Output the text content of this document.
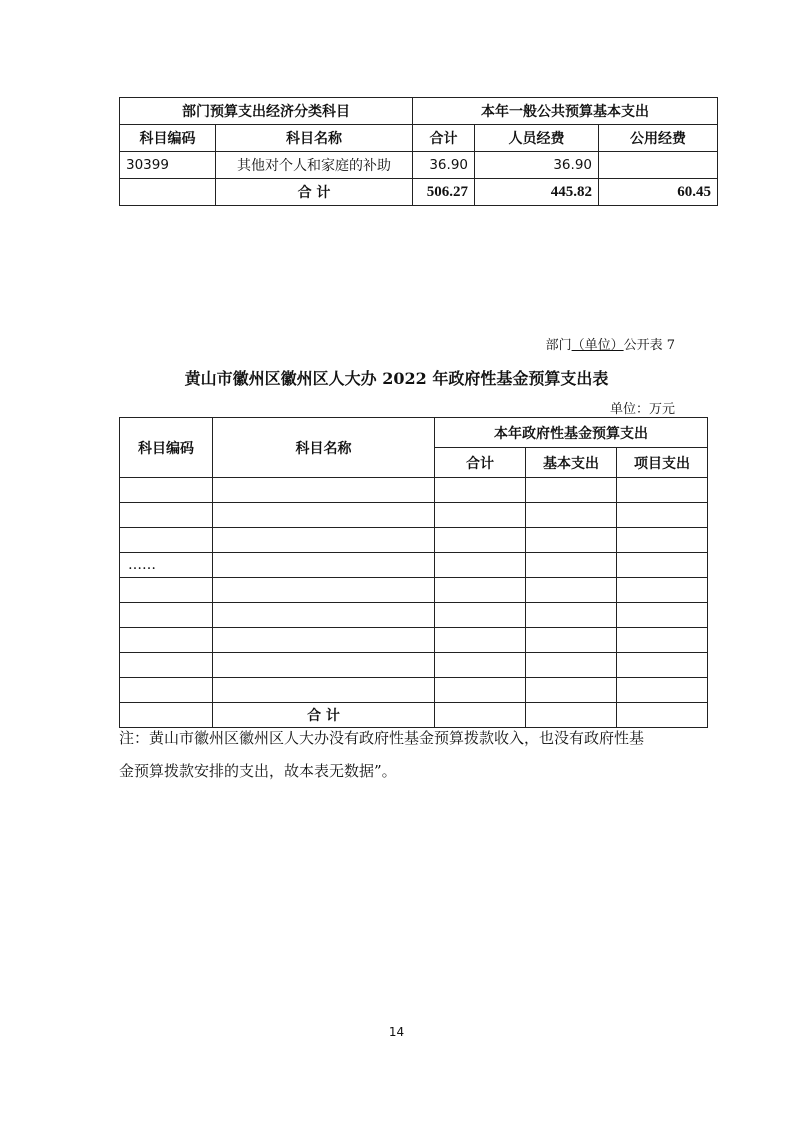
部门预算支出经济分类科目		本年一般公共预算基本支出		
科目编码	科目名称	合计	人员经费	公用经费
30399	其他对个人和家庭的补助	36.90	36.90	
	合 计	506.27	445.82	60.45
部门（单位）公开表 7
黄山市徽州区徽州区人大办 2022 年政府性基金预算支出表
单位：万元
科目编码	科目名称	本年政府性基金预算支出		
		合计	基本支出	项目支出

……				

	合 计			
注：黄山市徽州区徽州区人大办没有政府性基金预算拨款收入，也没有政府性基
金预算拨款安排的支出，故本表无数据”。
14
